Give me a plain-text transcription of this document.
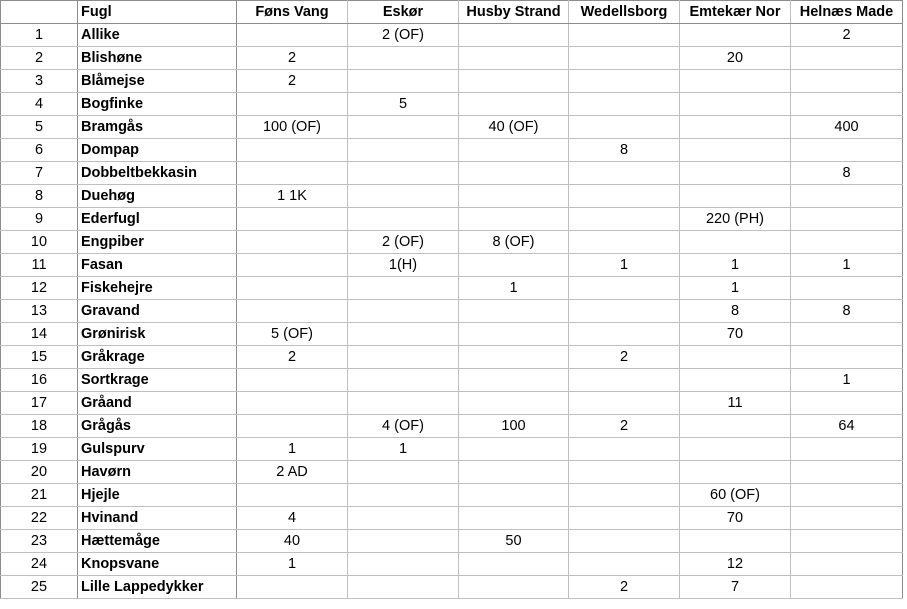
	Fugl	Føns Vang	Eskør	Husby Strand	Wedellsborg	Emtekær Nor	Helnæs Made
1	Allike		2 (OF)				2
2	Blishøne	2				20	
3	Blåmejse	2					
4	Bogfinke		5				
5	Bramgås	100 (OF)		40 (OF)			400
6	Dompap				8		
7	Dobbeltbekkasin						8
8	Duehøg	1 1K					
9	Ederfugl					220 (PH)	
10	Engpiber		2 (OF)	8 (OF)			
11	Fasan		1(H)		1	1	1
12	Fiskehejre			1		1	
13	Gravand					8	8
14	Grønirisk	5 (OF)				70	
15	Gråkrage	2			2		
16	Sortkrage						1
17	Gråand					11	
18	Grågås		4 (OF)	100	2		64
19	Gulspurv	1	1				
20	Havørn	2 AD					
21	Hjejle					60 (OF)	
22	Hvinand	4				70	
23	Hættemåge	40		50			
24	Knopsvane	1				12	
25	Lille Lappedykker				2	7	
